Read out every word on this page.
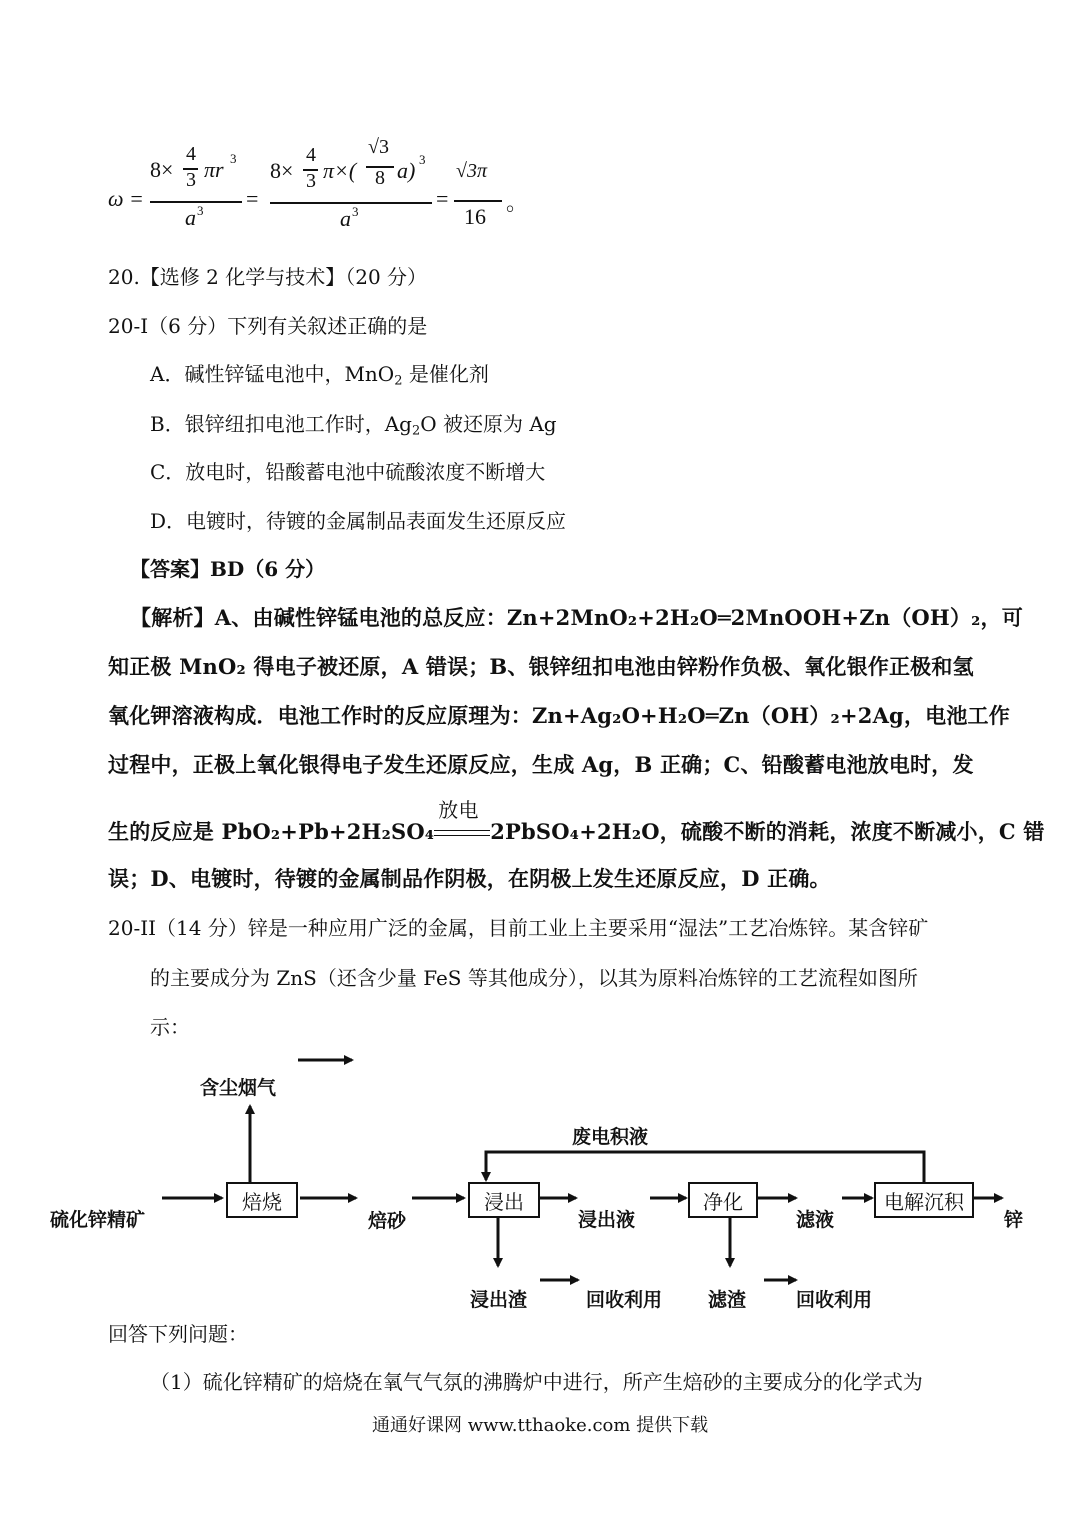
ω =
8×
4
3 πr 3
a 3 =
8×
4
3 π×(
√3
8 a) 3
a 3
=
√3π
16
。
20.【选修 2 化学与技术】（20 分）
20-I（6 分）下列有关叙述正确的是
A．碱性锌锰电池中，MnO$_2$ 是催化剂
B．银锌纽扣电池工作时，$Ag_2O$ 被还原为 Ag
C．放电时，铅酸蓄电池中硫酸浓度不断增大
D．电镀时，待镀的金属制品表面发生还原反应
【答案】BD（6 分）
【解析】A、由碱性锌锰电池的总反应：Zn+2MnO₂+2H₂O═2MnOOH+Zn（OH）₂，可
知正极 MnO₂ 得电子被还原，A 错误；B、银锌纽扣电池由锌粉作负极、氧化银作正极和氢
氧化钾溶液构成．电池工作时的反应原理为：Zn+Ag₂O+H₂O═Zn（OH）₂+2Ag，电池工作
过程中，正极上氧化银得电子发生还原反应，生成 Ag，B 正确；C、铅酸蓄电池放电时，发
生的反应是 PbO₂+Pb+2H₂SO₄
放电
2PbSO₄+2H₂O，硫酸不断的消耗，浓度不断减小，C 错
误；D、电镀时，待镀的金属制品作阴极，在阴极上发生还原反应，D 正确。
20-II（14 分）锌是一种应用广泛的金属，目前工业上主要采用“湿法”工艺冶炼锌。某含锌矿
的主要成分为 ZnS（还含少量 FeS 等其他成分），以其为原料冶炼锌的工艺流程如图所
示：
含尘烟气
废电积液
硫化锌精矿
焙烧
焙砂
浸出
浸出液
净化
滤液
电解沉积
锌
浸出渣	回收利用 滤渣	回收利用
回答下列问题：
（1）硫化锌精矿的焙烧在氧气气氛的沸腾炉中进行，所产生焙砂的主要成分的化学式为
通通好课网 www.tthaoke.com 提供下载
